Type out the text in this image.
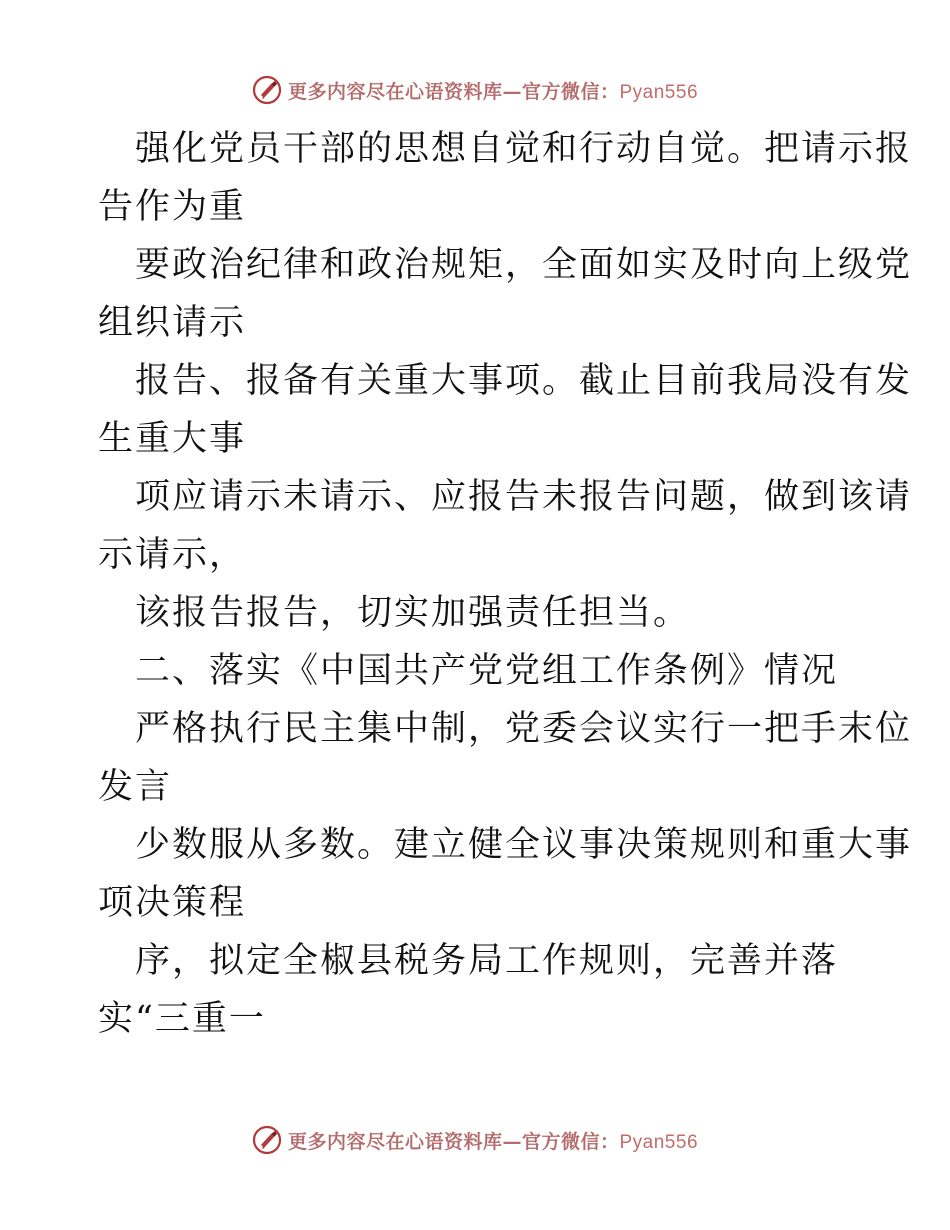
更多内容尽在心语资料库—官方微信：Pyan556
强化党员干部的思想自觉和行动自觉。把请示报
告作为重
要政治纪律和政治规矩，全面如实及时向上级党
组织请示
报告、报备有关重大事项。截止目前我局没有发
生重大事
项应请示未请示、应报告未报告问题，做到该请
示请示，
该报告报告，切实加强责任担当。
二、落实《中国共产党党组工作条例》情况
严格执行民主集中制，党委会议实行一把手末位
发言
少数服从多数。建立健全议事决策规则和重大事
项决策程
序，拟定全椒县税务局工作规则，完善并落
实“三重一
更多内容尽在心语资料库—官方微信：Pyan556
